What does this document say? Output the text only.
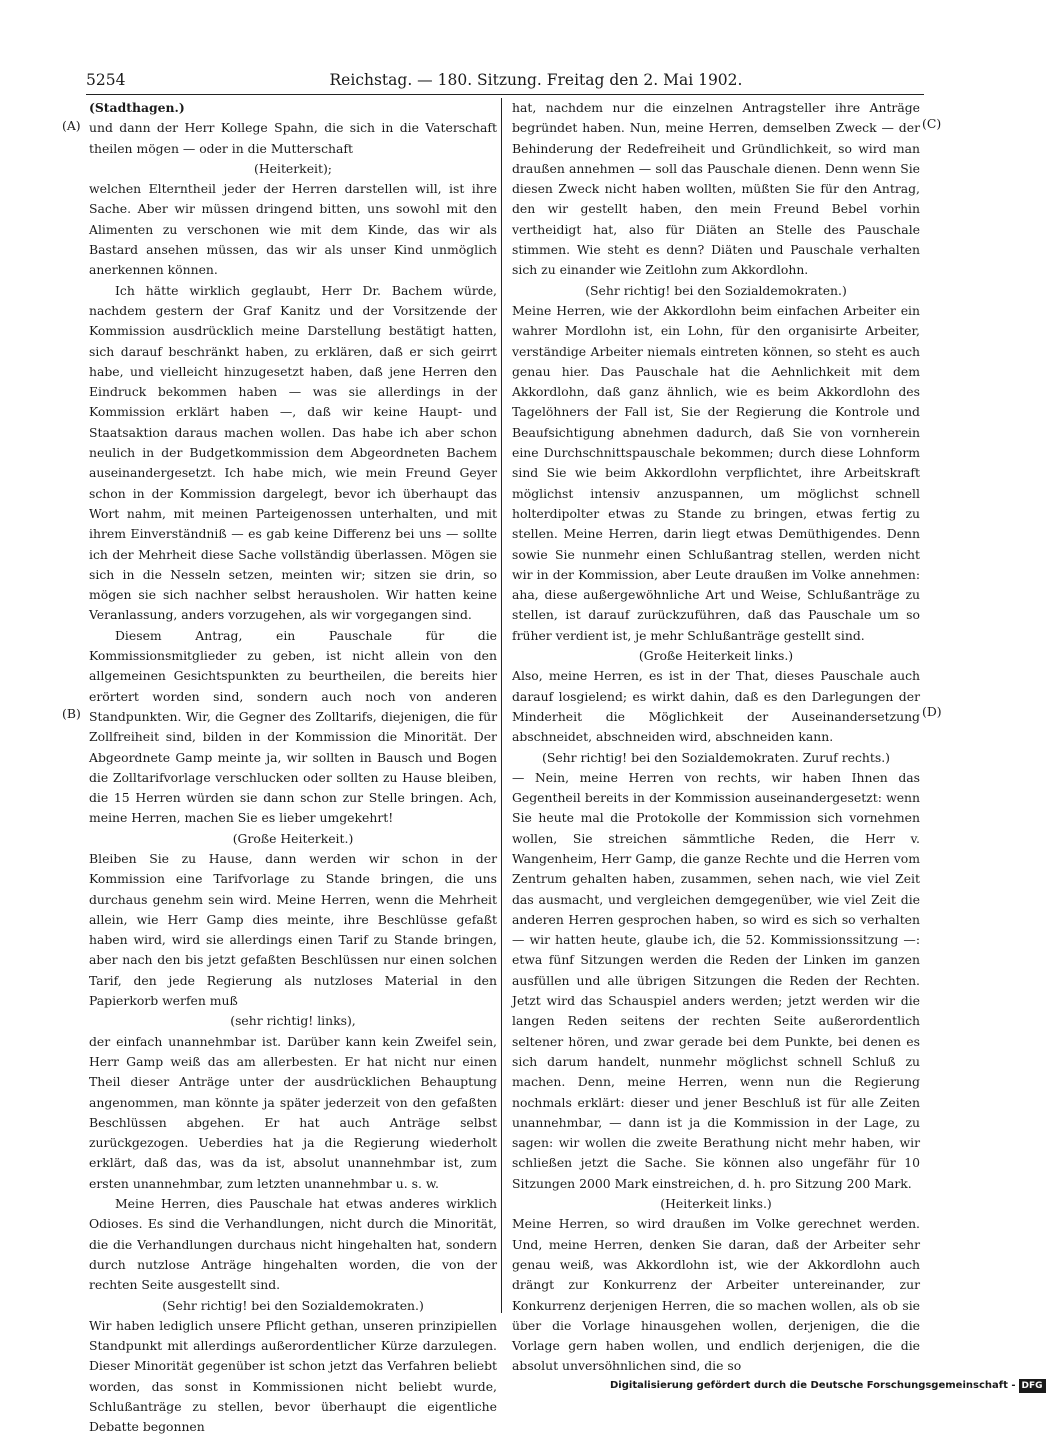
5254	Reichstag. — 180. Sitzung. Freitag den 2. Mai 1902.

(Stadthagen.)

und dann der Herr Kollege Spahn, die sich in die Vaterschaft theilen mögen — oder in die Mutterschaft

(Heiterkeit);

welchen Elterntheil jeder der Herren darstellen will, ist ihre Sache. Aber wir müssen dringend bitten, uns sowohl mit den Alimenten zu verschonen wie mit dem Kinde, das wir als Bastard ansehen müssen, das wir als unser Kind unmöglich anerkennen können.

Ich hätte wirklich geglaubt, Herr Dr. Bachem würde, nachdem gestern der Graf Kanitz und der Vorsitzende der Kommission ausdrücklich meine Darstellung bestätigt hatten, sich darauf beschränkt haben, zu erklären, daß er sich geirrt habe, und vielleicht hinzugesetzt haben, daß jene Herren den Eindruck bekommen haben — was sie allerdings in der Kommission erklärt haben —, daß wir keine Haupt- und Staatsaktion daraus machen wollen. Das habe ich aber schon neulich in der Budgetkommission dem Abgeordneten Bachem auseinandergesetzt. Ich habe mich, wie mein Freund Geyer schon in der Kommission dargelegt, bevor ich überhaupt das Wort nahm, mit meinen Parteigenossen unterhalten, und mit ihrem Einverständniß — es gab keine Differenz bei uns — sollte ich der Mehrheit diese Sache vollständig überlassen. Mögen sie sich in die Nesseln setzen, meinten wir; sitzen sie drin, so mögen sie sich nachher selbst herausholen. Wir hatten keine Veranlassung, anders vorzugehen, als wir vorgegangen sind.

Diesem Antrag, ein Pauschale für die Kommissionsmitglieder zu geben, ist nicht allein von den allgemeinen Gesichtspunkten zu beurtheilen, die bereits hier erörtert worden sind, sondern auch noch von anderen Standpunkten. Wir, die Gegner des Zolltarifs, diejenigen, die für Zollfreiheit sind, bilden in der Kommission die Minorität. Der Abgeordnete Gamp meinte ja, wir sollten in Bausch und Bogen die Zolltarifvorlage verschlucken oder sollten zu Hause bleiben, die 15 Herren würden sie dann schon zur Stelle bringen. Ach, meine Herren, machen Sie es lieber umgekehrt!

(Große Heiterkeit.)

Bleiben Sie zu Hause, dann werden wir schon in der Kommission eine Tarifvorlage zu Stande bringen, die uns durchaus genehm sein wird. Meine Herren, wenn die Mehrheit allein, wie Herr Gamp dies meinte, ihre Beschlüsse gefaßt haben wird, wird sie allerdings einen Tarif zu Stande bringen, aber nach den bis jetzt gefaßten Beschlüssen nur einen solchen Tarif, den jede Regierung als nutzloses Material in den Papierkorb werfen muß

(sehr richtig! links),

der einfach unannehmbar ist. Darüber kann kein Zweifel sein, Herr Gamp weiß das am allerbesten. Er hat nicht nur einen Theil dieser Anträge unter der ausdrücklichen Behauptung angenommen, man könnte ja später jederzeit von den gefaßten Beschlüssen abgehen. Er hat auch Anträge selbst zurückgezogen. Ueberdies hat ja die Regierung wiederholt erklärt, daß das, was da ist, absolut unannehmbar ist, zum ersten unannehmbar, zum letzten unannehmbar u. s. w.

Meine Herren, dies Pauschale hat etwas anderes wirklich Odioses. Es sind die Verhandlungen, nicht durch die Minorität, die die Verhandlungen durchaus nicht hingehalten hat, sondern durch nutzlose Anträge hingehalten worden, die von der rechten Seite ausgestellt sind.

(Sehr richtig! bei den Sozialdemokraten.)

Wir haben lediglich unsere Pflicht gethan, unseren prinzipiellen Standpunkt mit allerdings außerordentlicher Kürze darzulegen. Dieser Minorität gegenüber ist schon jetzt das Verfahren beliebt worden, das sonst in Kommissionen nicht beliebt wurde, Schlußanträge zu stellen, bevor überhaupt die eigentliche Debatte begonnen

hat, nachdem nur die einzelnen Antragsteller ihre Anträge begründet haben. Nun, meine Herren, demselben Zweck — der Behinderung der Redefreiheit und Gründlichkeit, so wird man draußen annehmen — soll das Pauschale dienen. Denn wenn Sie diesen Zweck nicht haben wollten, müßten Sie für den Antrag, den wir gestellt haben, den mein Freund Bebel vorhin vertheidigt hat, also für Diäten an Stelle des Pauschale stimmen. Wie steht es denn? Diäten und Pauschale verhalten sich zu einander wie Zeitlohn zum Akkordlohn.

(Sehr richtig! bei den Sozialdemokraten.)

Meine Herren, wie der Akkordlohn beim einfachen Arbeiter ein wahrer Mordlohn ist, ein Lohn, für den organisirte Arbeiter, verständige Arbeiter niemals eintreten können, so steht es auch genau hier. Das Pauschale hat die Aehnlichkeit mit dem Akkordlohn, daß ganz ähnlich, wie es beim Akkordlohn des Tagelöhners der Fall ist, Sie der Regierung die Kontrole und Beaufsichtigung abnehmen dadurch, daß Sie von vornherein eine Durchschnittspauschale bekommen; durch diese Lohnform sind Sie wie beim Akkordlohn verpflichtet, ihre Arbeitskraft möglichst intensiv anzuspannen, um möglichst schnell holterdipolter etwas zu Stande zu bringen, etwas fertig zu stellen. Meine Herren, darin liegt etwas Demüthigendes. Denn sowie Sie nunmehr einen Schlußantrag stellen, werden nicht wir in der Kommission, aber Leute draußen im Volke annehmen: aha, diese außergewöhnliche Art und Weise, Schlußanträge zu stellen, ist darauf zurückzuführen, daß das Pauschale um so früher verdient ist, je mehr Schlußanträge gestellt sind.

(Große Heiterkeit links.)

Also, meine Herren, es ist in der That, dieses Pauschale auch darauf losgielend; es wirkt dahin, daß es den Darlegungen der Minderheit die Möglichkeit der Auseinandersetzung abschneidet, abschneiden wird, abschneiden kann.

(Sehr richtig! bei den Sozialdemokraten. Zuruf rechts.)

— Nein, meine Herren von rechts, wir haben Ihnen das Gegentheil bereits in der Kommission auseinandergesetzt: wenn Sie heute mal die Protokolle der Kommission sich vornehmen wollen, Sie streichen sämmtliche Reden, die Herr v. Wangenheim, Herr Gamp, die ganze Rechte und die Herren vom Zentrum gehalten haben, zusammen, sehen nach, wie viel Zeit das ausmacht, und vergleichen demgegenüber, wie viel Zeit die anderen Herren gesprochen haben, so wird es sich so verhalten — wir hatten heute, glaube ich, die 52. Kommissionssitzung —: etwa fünf Sitzungen werden die Reden der Linken im ganzen ausfüllen und alle übrigen Sitzungen die Reden der Rechten. Jetzt wird das Schauspiel anders werden; jetzt werden wir die langen Reden seitens der rechten Seite außerordentlich seltener hören, und zwar gerade bei dem Punkte, bei denen es sich darum handelt, nunmehr möglichst schnell Schluß zu machen. Denn, meine Herren, wenn nun die Regierung nochmals erklärt: dieser und jener Beschluß ist für alle Zeiten unannehmbar, — dann ist ja die Kommission in der Lage, zu sagen: wir wollen die zweite Berathung nicht mehr haben, wir schließen jetzt die Sache. Sie können also ungefähr für 10 Sitzungen 2000 Mark einstreichen, d. h. pro Sitzung 200 Mark.

(Heiterkeit links.)

Meine Herren, so wird draußen im Volke gerechnet werden. Und, meine Herren, denken Sie daran, daß der Arbeiter sehr genau weiß, was Akkordlohn ist, wie der Akkordlohn auch drängt zur Konkurrenz der Arbeiter untereinander, zur Konkurrenz derjenigen Herren, die so machen wollen, als ob sie über die Vorlage hinausgehen wollen, derjenigen, die die Vorlage gern haben wollen, und endlich derjenigen, die die absolut unversöhnlichen sind, die so

(A)
(B)
(C)
(D)
Digitalisierung gefördert durch die Deutsche Forschungsgemeinschaft - DFG
